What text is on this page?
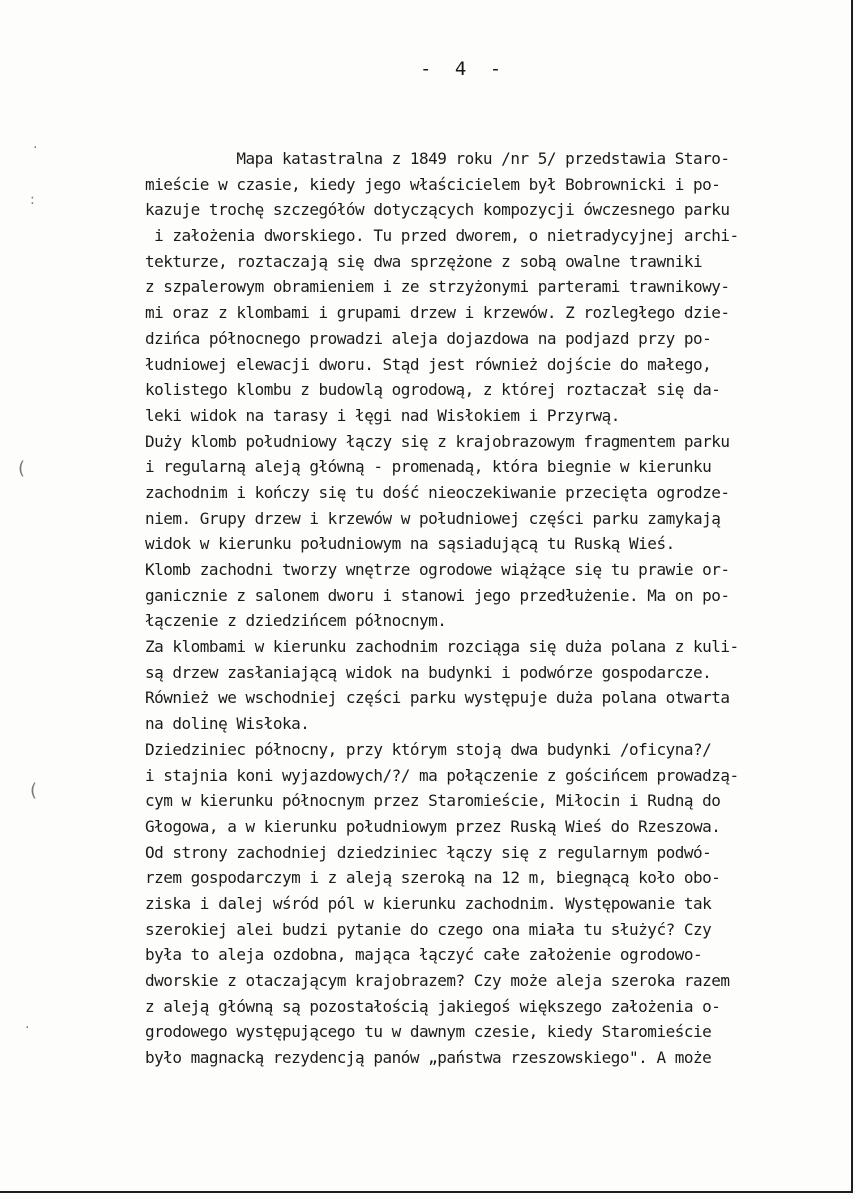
- 4 -
·
:
(
(
·
Mapa katastralna z 1849 roku /nr 5/ przedstawia Staro-
mieście w czasie, kiedy jego właścicielem był Bobrownicki i po-
kazuje trochę szczegółów dotyczących kompozycji ówczesnego parku
i założenia dworskiego. Tu przed dworem, o nietradycyjnej archi-
tekturze, roztaczają się dwa sprzężone z sobą owalne trawniki
z szpalerowym obramieniem i ze strzyżonymi parterami trawnikowy-
mi oraz z klombami i grupami drzew i krzewów. Z rozległego dzie-
dzińca północnego prowadzi aleja dojazdowa na podjazd przy po-
łudniowej elewacji dworu. Stąd jest również dojście do małego,
kolistego klombu z budowlą ogrodową, z której roztaczał się da-
leki widok na tarasy i łęgi nad Wisłokiem i Przyrwą.
Duży klomb południowy łączy się z krajobrazowym fragmentem parku
i regularną aleją główną - promenadą, która biegnie w kierunku
zachodnim i kończy się tu dość nieoczekiwanie przecięta ogrodze-
niem. Grupy drzew i krzewów w południowej części parku zamykają
widok w kierunku południowym na sąsiadującą tu Ruską Wieś.
Klomb zachodni tworzy wnętrze ogrodowe wiążące się tu prawie or-
ganicznie z salonem dworu i stanowi jego przedłużenie. Ma on po-
łączenie z dziedzińcem północnym.
Za klombami w kierunku zachodnim rozciąga się duża polana z kuli-
są drzew zasłaniającą widok na budynki i podwórze gospodarcze.
Również we wschodniej części parku występuje duża polana otwarta
na dolinę Wisłoka.
Dziedziniec północny, przy którym stoją dwa budynki /oficyna?/
i stajnia koni wyjazdowych/?/ ma połączenie z gościńcem prowadzą-
cym w kierunku północnym przez Staromieście, Miłocin i Rudną do
Głogowa, a w kierunku południowym przez Ruską Wieś do Rzeszowa.
Od strony zachodniej dziedziniec łączy się z regularnym podwó-
rzem gospodarczym i z aleją szeroką na 12 m, biegnącą koło obo-
ziska i dalej wśród pól w kierunku zachodnim. Występowanie tak
szerokiej alei budzi pytanie do czego ona miała tu służyć? Czy
była to aleja ozdobna, mająca łączyć całe założenie ogrodowo-
dworskie z otaczającym krajobrazem? Czy może aleja szeroka razem
z aleją główną są pozostałością jakiegoś większego założenia o-
grodowego występującego tu w dawnym czesie, kiedy Staromieście
było magnacką rezydencją panów „państwa rzeszowskiego". A może
